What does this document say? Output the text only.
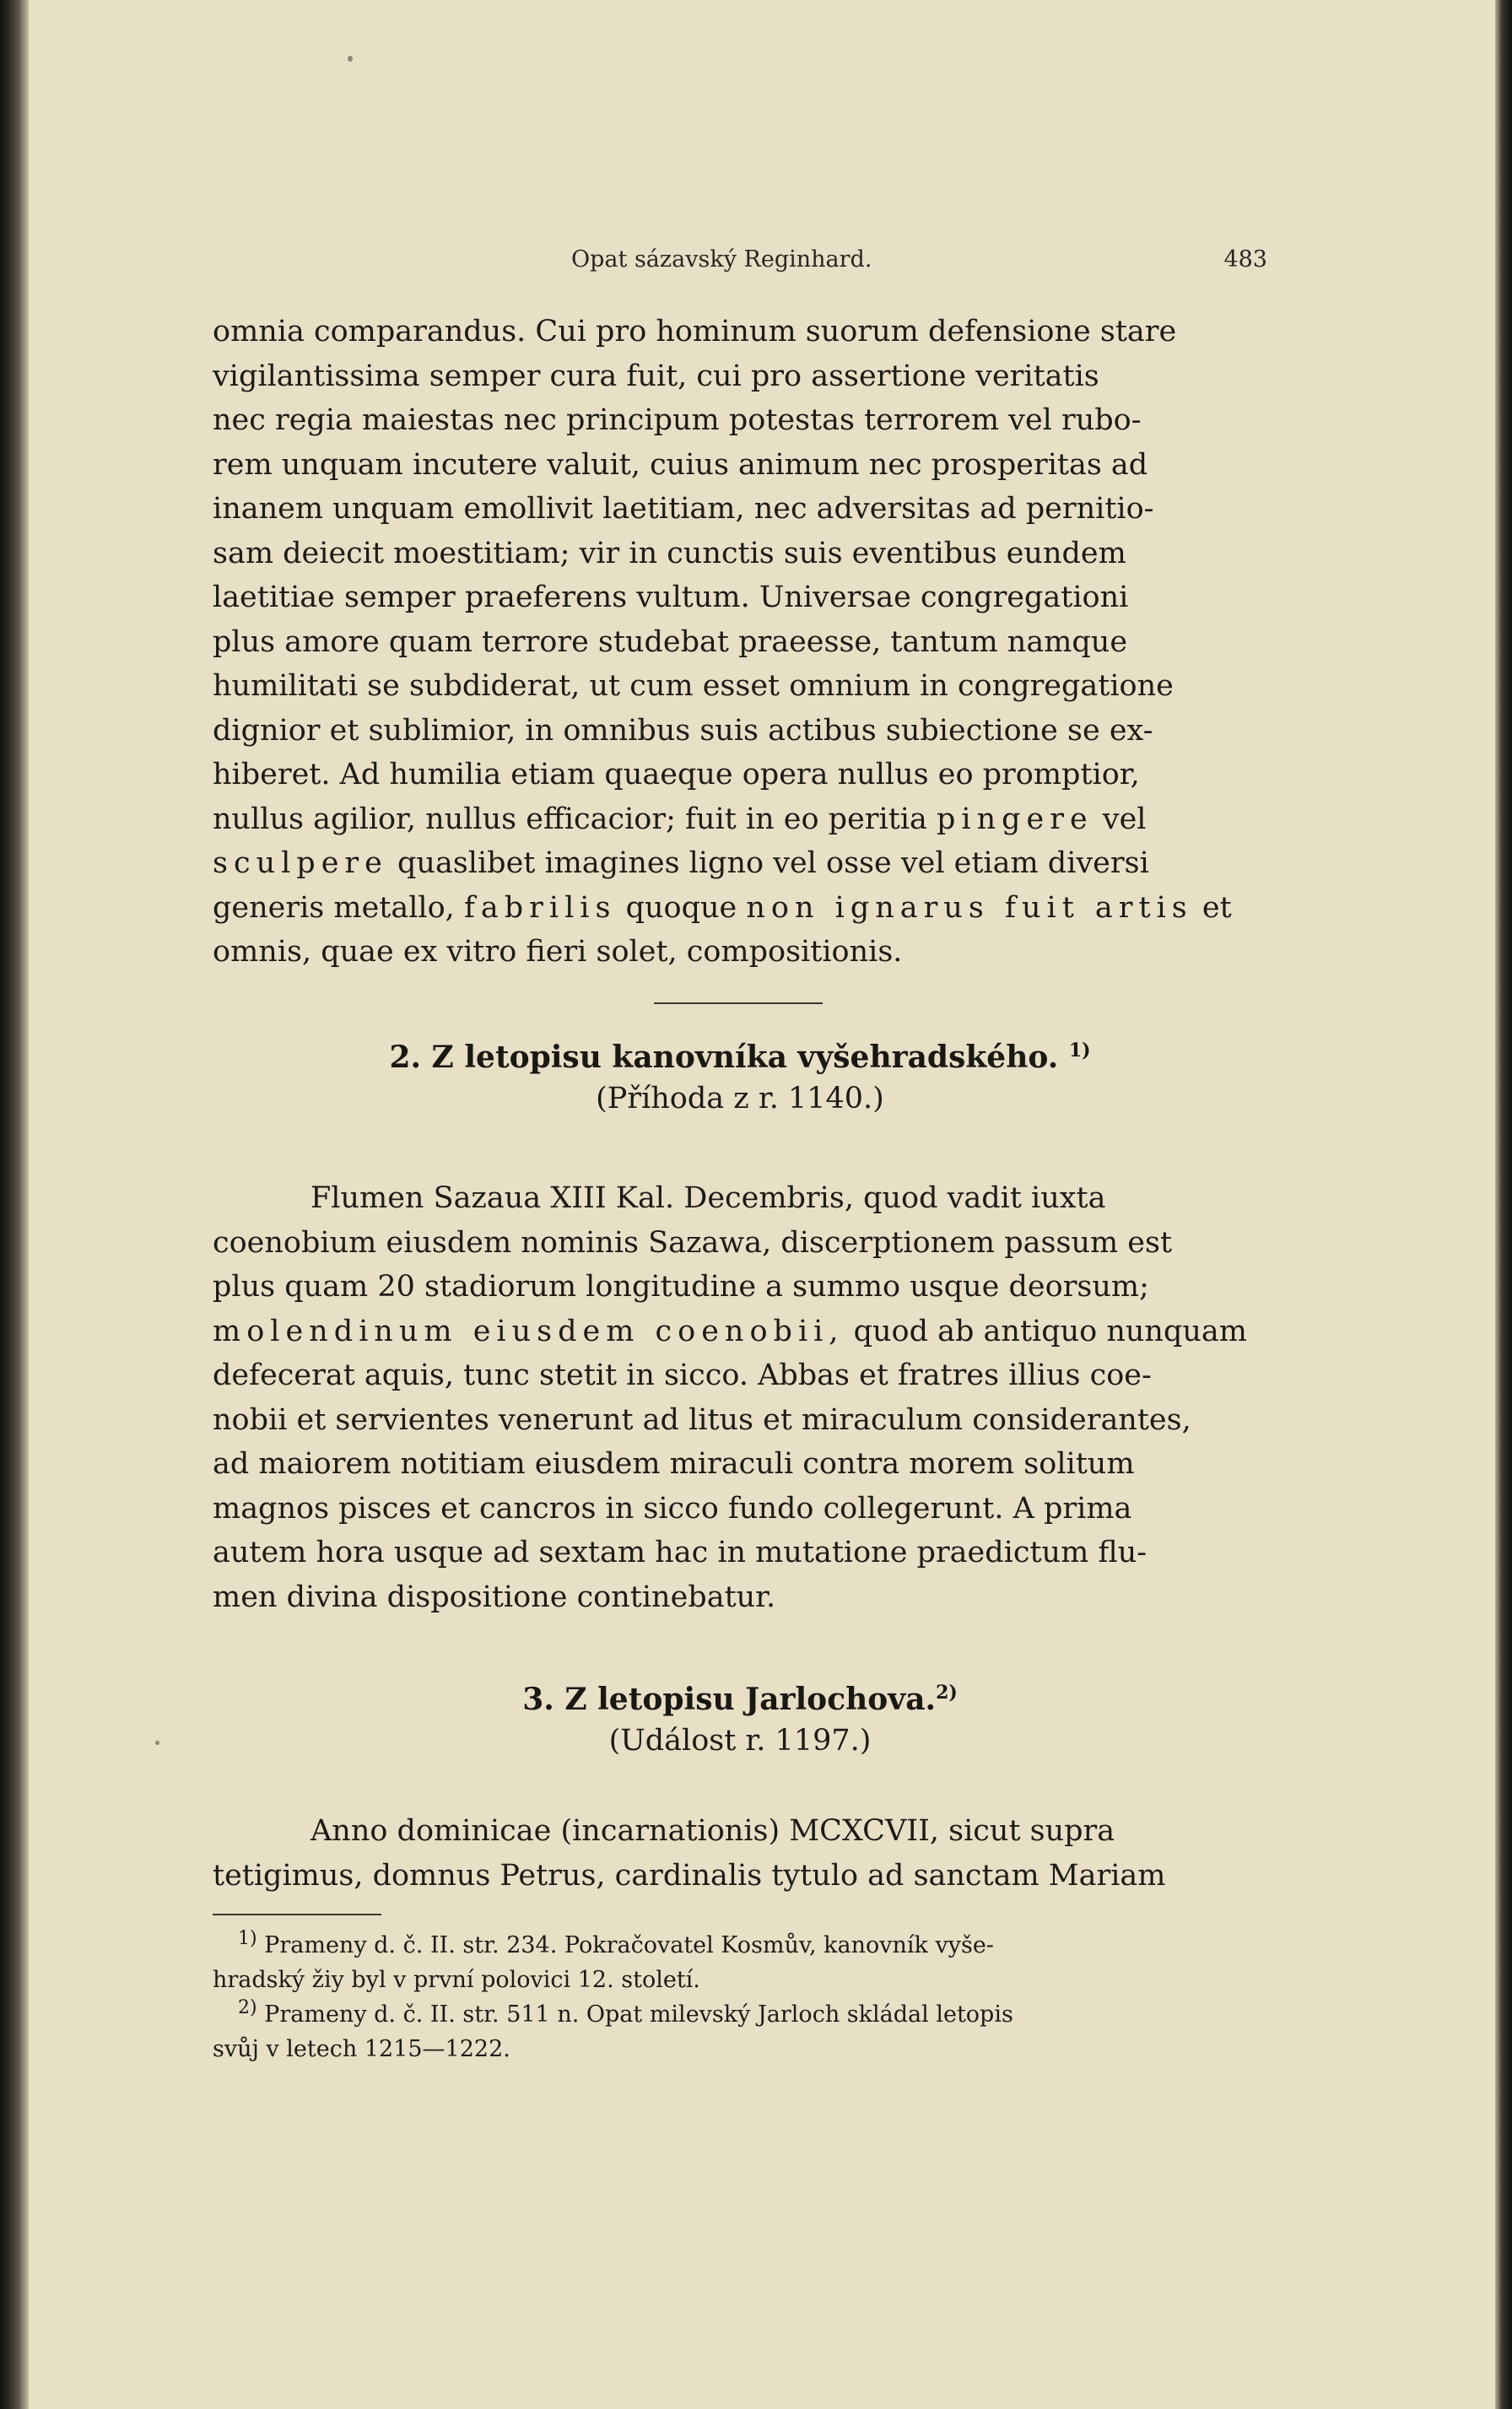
Opat sázavský Reginhard.	483

omnia comparandus. Cui pro hominum suorum defensione stare

vigilantissima semper cura fuit, cui pro assertione veritatis

nec regia maiestas nec principum potestas terrorem vel rubo-

rem unquam incutere valuit, cuius animum nec prosperitas ad

inanem unquam emollivit laetitiam, nec adversitas ad pernitio-

sam deiecit moestitiam; vir in cunctis suis eventibus eundem

laetitiae semper praeferens vultum. Universae congregationi

plus amore quam terrore studebat praeesse, tantum namque

humilitati se subdiderat, ut cum esset omnium in congregatione

dignior et sublimior, in omnibus suis actibus subiectione se ex-

hiberet. Ad humilia etiam quaeque opera nullus eo promptior,

nullus agilior, nullus efficacior; fuit in eo peritia pingere vel

sculpere quaslibet imagines ligno vel osse vel etiam diversi

generis metallo, fabrilis quoque non ignarus fuit artis et

omnis, quae ex vitro fieri solet, compositionis.

2. Z letopisu kanovníka vyšehradského. $^{1)}$

(Příhoda z r. 1140.)

Flumen Sazaua XIII Kal. Decembris, quod vadit iuxta

coenobium eiusdem nominis Sazawa, discerptionem passum est

plus quam 20 stadiorum longitudine a summo usque deorsum;

molendinum eiusdem coenobii, quod ab antiquo nunquam

defecerat aquis, tunc stetit in sicco. Abbas et fratres illius coe-

nobii et servientes venerunt ad litus et miraculum considerantes,

ad maiorem notitiam eiusdem miraculi contra morem solitum

magnos pisces et cancros in sicco fundo collegerunt. A prima

autem hora usque ad sextam hac in mutatione praedictum flu-

men divina dispositione continebatur.

3. Z letopisu Jarlochova.$^{2)}$

(Událost r. 1197.)

Anno dominicae (incarnationis) MCXCVII, sicut supra

tetigimus, domnus Petrus, cardinalis tytulo ad sanctam Mariam

$^{1)}$ Prameny d. č. II. str. 234. Pokračovatel Kosmův, kanovník vyše-

hradský žiy byl v první polovici 12. století.

$^{2)}$ Prameny d. č. II. str. 511 n. Opat milevský Jarloch skládal letopis

svůj v letech 1215—1222.
